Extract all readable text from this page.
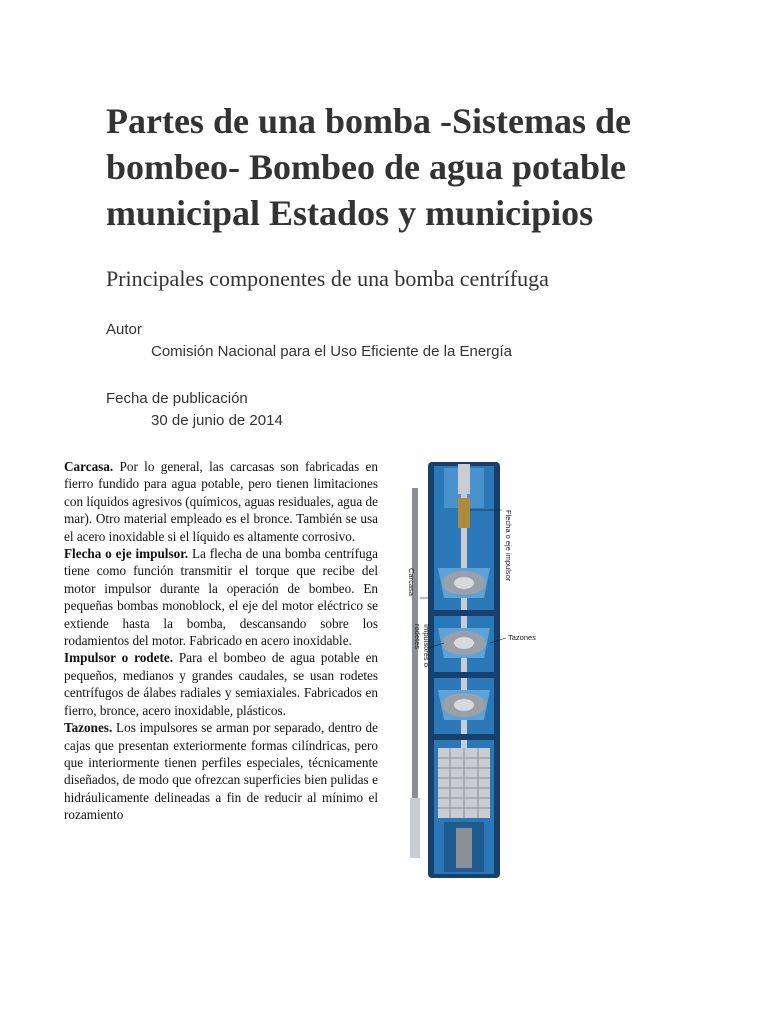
Partes de una bomba -Sistemas de bombeo- Bombeo de agua potable municipal Estados y municipios
Principales componentes de una bomba centrífuga
Autor
Comisión Nacional para el Uso Eficiente de la Energía
Fecha de publicación
30 de junio de 2014

Carcasa. Por lo general, las carcasas son fabricadas en fierro fundido para agua potable, pero tienen limitaciones con líquidos agresivos (químicos, aguas residuales, agua de mar). Otro material empleado es el bronce. También se usa el acero inoxidable si el líquido es altamente corrosivo.

Flecha o eje impulsor. La flecha de una bomba centrífuga tiene como función transmitir el torque que recibe del motor impulsor durante la operación de bombeo. En pequeñas bombas monoblock, el eje del motor eléctrico se extiende hasta la bomba, descansando sobre los rodamientos del motor. Fabricado en acero inoxidable.

Impulsor o rodete. Para el bombeo de agua potable en pequeños, medianos y grandes caudales, se usan rodetes centrífugos de álabes radiales y semiaxiales. Fabricados en fierro, bronce, acero inoxidable, plásticos.

Tazones. Los impulsores se arman por separado, dentro de cajas que presentan exteriormente formas cilíndricas, pero que interiormente tienen perfiles especiales, técnicamente diseñados, de modo que ofrezcan superficies bien pulidas e hidráulicamente delineadas a fin de reducir al mínimo el rozamiento

Flecha o eje impulsor
Carcasa
Impulsores o
rodetes	Tazones
